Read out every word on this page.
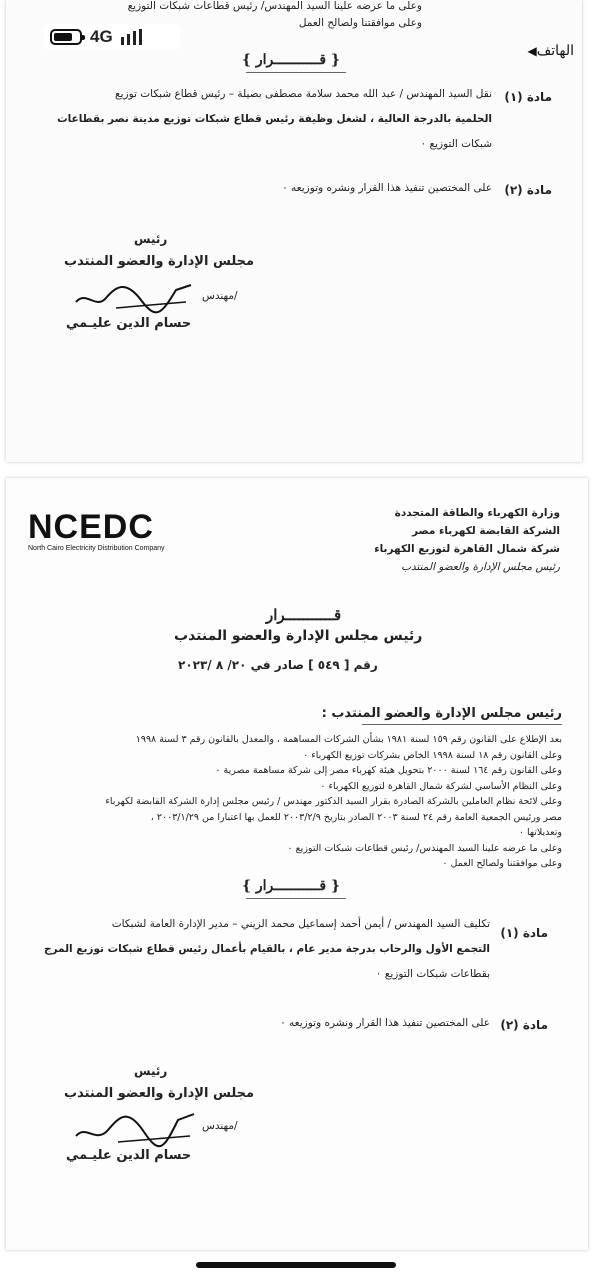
4G
الهاتف◀
وعلى ما عرضه علينا السيد المهندس/ رئيس قطاعات شبكات التوزيع
وعلى موافقتنا ولصالح العمل
{ قـــــــــــرار }
مادة (١)
نقل السيد المهندس / عبد الله محمد سلامة مصطفى بصيلة – رئيس قطاع شبكات توزيع
الحلمية بالدرجة العالية ، لشغل وظيفة رئيس قطاع شبكات توزيع مدينة نصر بقطاعات
شبكات التوزيع ٠
مادة (٢)
على المختصين تنفيذ هذا القرار ونشره وتوزيعه ٠
رئيس
مجلس الإدارة والعضو المنتدب
مهندس/
حسام الدين عليـمي
NCEDC
North Cairo Electricity Distribution Company
وزارة الكهرباء والطاقة المتجددة
الشركة القابضة لكهرباء مصر
شركة شمال القاهرة لتوزيع الكهرباء
رئيس مجلس الإدارة والعضو المنتدب
قـــــــــــرار
رئيس مجلس الإدارة والعضو المنتدب
رقم [ ٥٤٩ ] صادر في ٢٠/ ٨ /٢٠٢٣
رئيس مجلس الإدارة والعضو المنتدب :
بعد الإطلاع على القانون رقم ١٥٩ لسنة ١٩٨١ بشأن الشركات المساهمة ، والمعدل بالقانون رقم ٣ لسنة ١٩٩٨
وعلى القانون رقم ١٨ لسنة ١٩٩٨ الخاص بشركات توزيع الكهرباء ٠
وعلى القانون رقم ١٦٤ لسنة ٢٠٠٠ بتحويل هيئة كهرباء مصر إلى شركة مساهمة مصرية ٠
وعلى النظام الأساسي لشركة شمال القاهرة لتوزيع الكهرباء ٠
وعلى لائحة نظام العاملين بالشركة الصادرة بقرار السيد الدكتور مهندس / رئيس مجلس إدارة الشركة القابضة لكهرباء
مصر ورئيس الجمعية العامة رقم ٢٤ لسنة ٢٠٠٣ الصادر بتاريخ ٢٠٠٣/٢/٩ للعمل بها اعتبارا من ٢٠٠٣/١/٢٩ ،
وتعديلاتها ٠
وعلى ما عرضه علينا السيد المهندس/ رئيس قطاعات شبكات التوزيع ٠
وعلى موافقتنا ولصالح العمل ٠
{ قـــــــــــرار }
مادة (١)
تكليف السيد المهندس / أيمن أحمد إسماعيل محمد الزيني – مدير الإدارة العامة لشبكات
التجمع الأول والرحاب بدرجة مدير عام ، بالقيام بأعمال رئيس قطاع شبكات توزيع المرج
بقطاعات شبكات التوزيع ٠
مادة (٢)
على المختصين تنفيذ هذا القرار ونشره وتوزيعه ٠
رئيس
مجلس الإدارة والعضو المنتدب
مهندس/
حسام الدين عليـمي
